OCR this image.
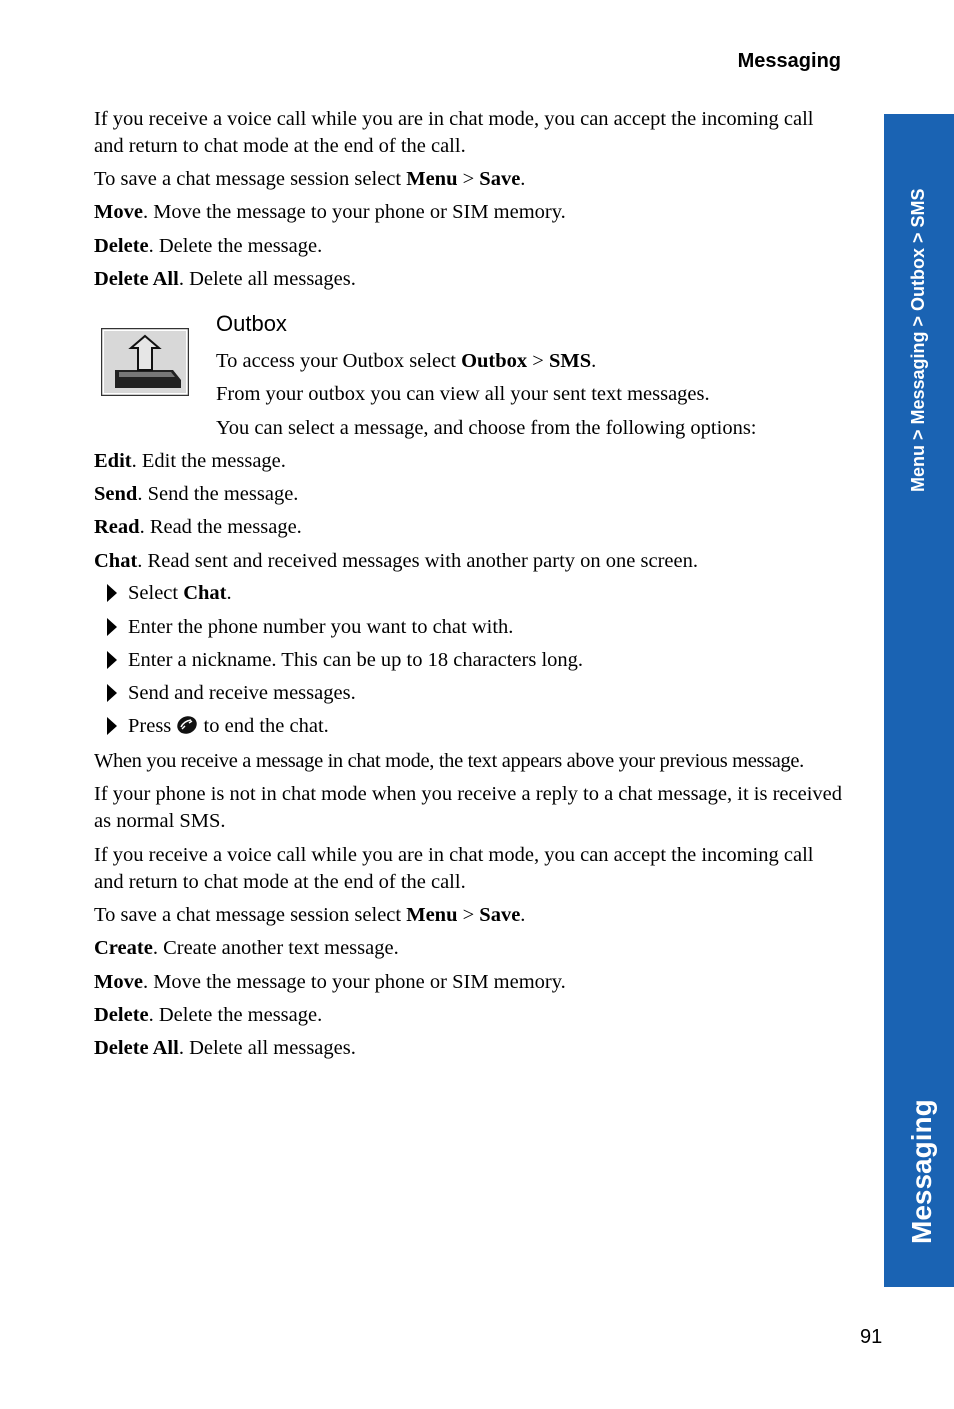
Messaging
Menu > Messaging > Outbox > SMS
Messaging

If you receive a voice call while you are in chat mode, you can accept the incoming call and return to chat mode at the end of the call.

To save a chat message session select Menu > Save.

Move. Move the message to your phone or SIM memory.

Delete. Delete the message.

Delete All. Delete all messages.

Outbox

To access your Outbox select Outbox > SMS.

From your outbox you can view all your sent text messages.

You can select a message, and choose from the following options:

Edit. Edit the message.

Send. Send the message.

Read. Read the message.

Chat. Read sent and received messages with another party on one screen.

Select Chat.

Enter the phone number you want to chat with.

Enter a nickname. This can be up to 18 characters long.

Send and receive messages.

Press  to end the chat.

When you receive a message in chat mode, the text appears above your previous message.

If your phone is not in chat mode when you receive a reply to a chat message, it is received as normal SMS.

If you receive a voice call while you are in chat mode, you can accept the incoming call and return to chat mode at the end of the call.

To save a chat message session select Menu > Save.

Create. Create another text message.

Move. Move the message to your phone or SIM memory.

Delete. Delete the message.

Delete All. Delete all messages.

91
